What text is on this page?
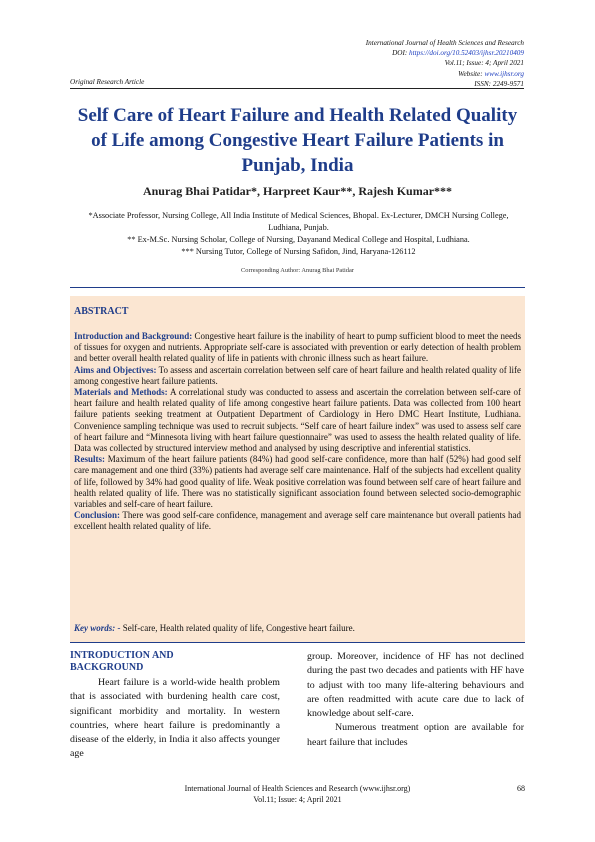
International Journal of Health Sciences and Research
DOI: https://doi.org/10.52403/ijhsr.20210409
Vol.11; Issue: 4; April 2021
Website: www.ijhsr.org
ISSN: 2249-9571
Original Research Article
Self Care of Heart Failure and Health Related Quality of Life among Congestive Heart Failure Patients in Punjab, India
Anurag Bhai Patidar*, Harpreet Kaur**, Rajesh Kumar***
*Associate Professor, Nursing College, All India Institute of Medical Sciences, Bhopal. Ex-Lecturer, DMCH Nursing College, Ludhiana, Punjab.
** Ex-M.Sc. Nursing Scholar, College of Nursing, Dayanand Medical College and Hospital, Ludhiana.
*** Nursing Tutor, College of Nursing Safidon, Jind, Haryana-126112
Corresponding Author: Anurag Bhai Patidar
ABSTRACT

Introduction and Background: Congestive heart failure is the inability of heart to pump sufficient blood to meet the needs of tissues for oxygen and nutrients. Appropriate self-care is associated with prevention or early detection of health problem and better overall health related quality of life in patients with chronic illness such as heart failure.

Aims and Objectives: To assess and ascertain correlation between self care of heart failure and health related quality of life among congestive heart failure patients.

Materials and Methods: A correlational study was conducted to assess and ascertain the correlation between self-care of heart failure and health related quality of life among congestive heart failure patients. Data was collected from 100 heart failure patients seeking treatment at Outpatient Department of Cardiology in Hero DMC Heart Institute, Ludhiana. Convenience sampling technique was used to recruit subjects. “Self care of heart failure index” was used to assess self care of heart failure and “Minnesota living with heart failure questionnaire” was used to assess the health related quality of life. Data was collected by structured interview method and analysed by using descriptive and inferential statistics.

Results: Maximum of the heart failure patients (84%) had good self-care confidence, more than half (52%) had good self care management and one third (33%) patients had average self care maintenance. Half of the subjects had excellent quality of life, followed by 34% had good quality of life. Weak positive correlation was found between self care of heart failure and health related quality of life. There was no statistically significant association found between selected socio-demographic variables and self-care of heart failure.

Conclusion: There was good self-care confidence, management and average self care maintenance but overall patients had excellent health related quality of life.

Key words: - Self-care, Health related quality of life, Congestive heart failure.
INTRODUCTION AND
BACKGROUND

Heart failure is a world-wide health problem that is associated with burdening health care cost, significant morbidity and mortality. In western countries, where heart failure is predominantly a disease of the elderly, in India it also affects younger age

group. Moreover, incidence of HF has not declined during the past two decades and patients with HF have to adjust with too many life-altering behaviours and are often readmitted with acute care due to lack of knowledge about self-care.

Numerous treatment option are available for heart failure that includes

International Journal of Health Sciences and Research (www.ijhsr.org)
Vol.11; Issue: 4; April 2021
68
